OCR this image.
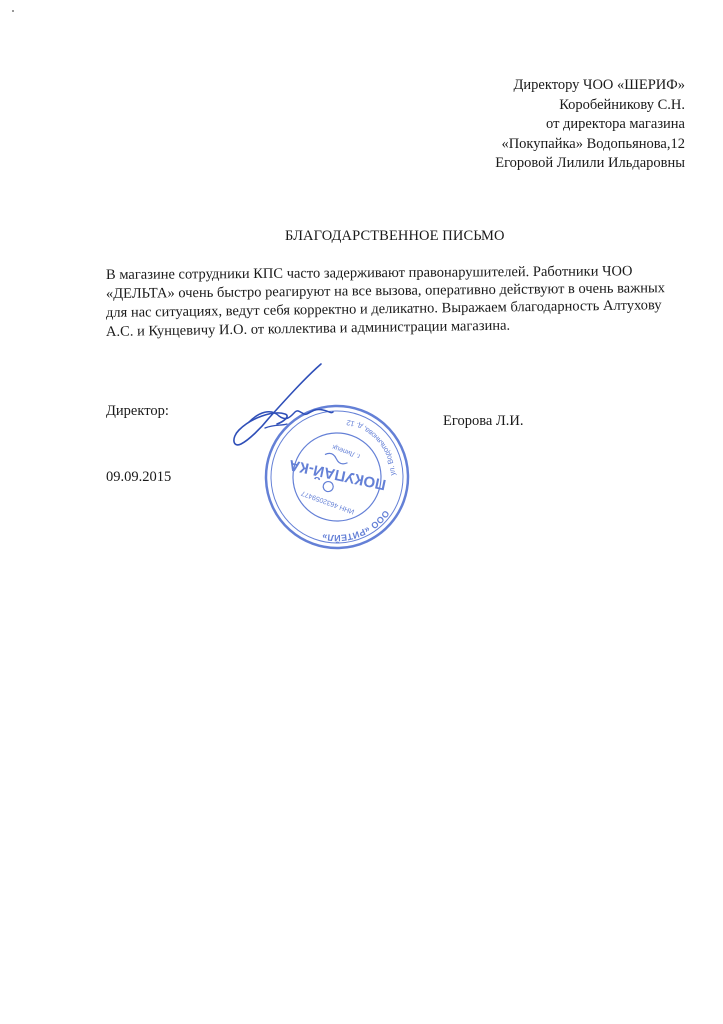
Директору ЧОО «ШЕРИФ»
Коробейникову С.Н.
от директора магазина
«Покупайка» Водопьянова,12
Егоровой Лилили Ильдаровны
БЛАГОДАРСТВЕННОЕ ПИСЬМО
В магазине сотрудники КПС часто задерживают правонарушителей. Работники ЧОО
«ДЕЛЬТА» очень быстро реагируют на все вызова, оперативно действуют в очень важных
для нас ситуациях, ведут себя корректно и деликатно. Выражаем благодарность Алтухову
А.С. и Кунцевичу И.О. от коллектива и администрации магазина.
Директор:
Егорова Л.И.
09.09.2015
ООО «РИТЕЙЛ»
ул. Водопьянова, д. 12
ИНН 4632059477
г. Липецк
ПОКУПАЙ-КА
